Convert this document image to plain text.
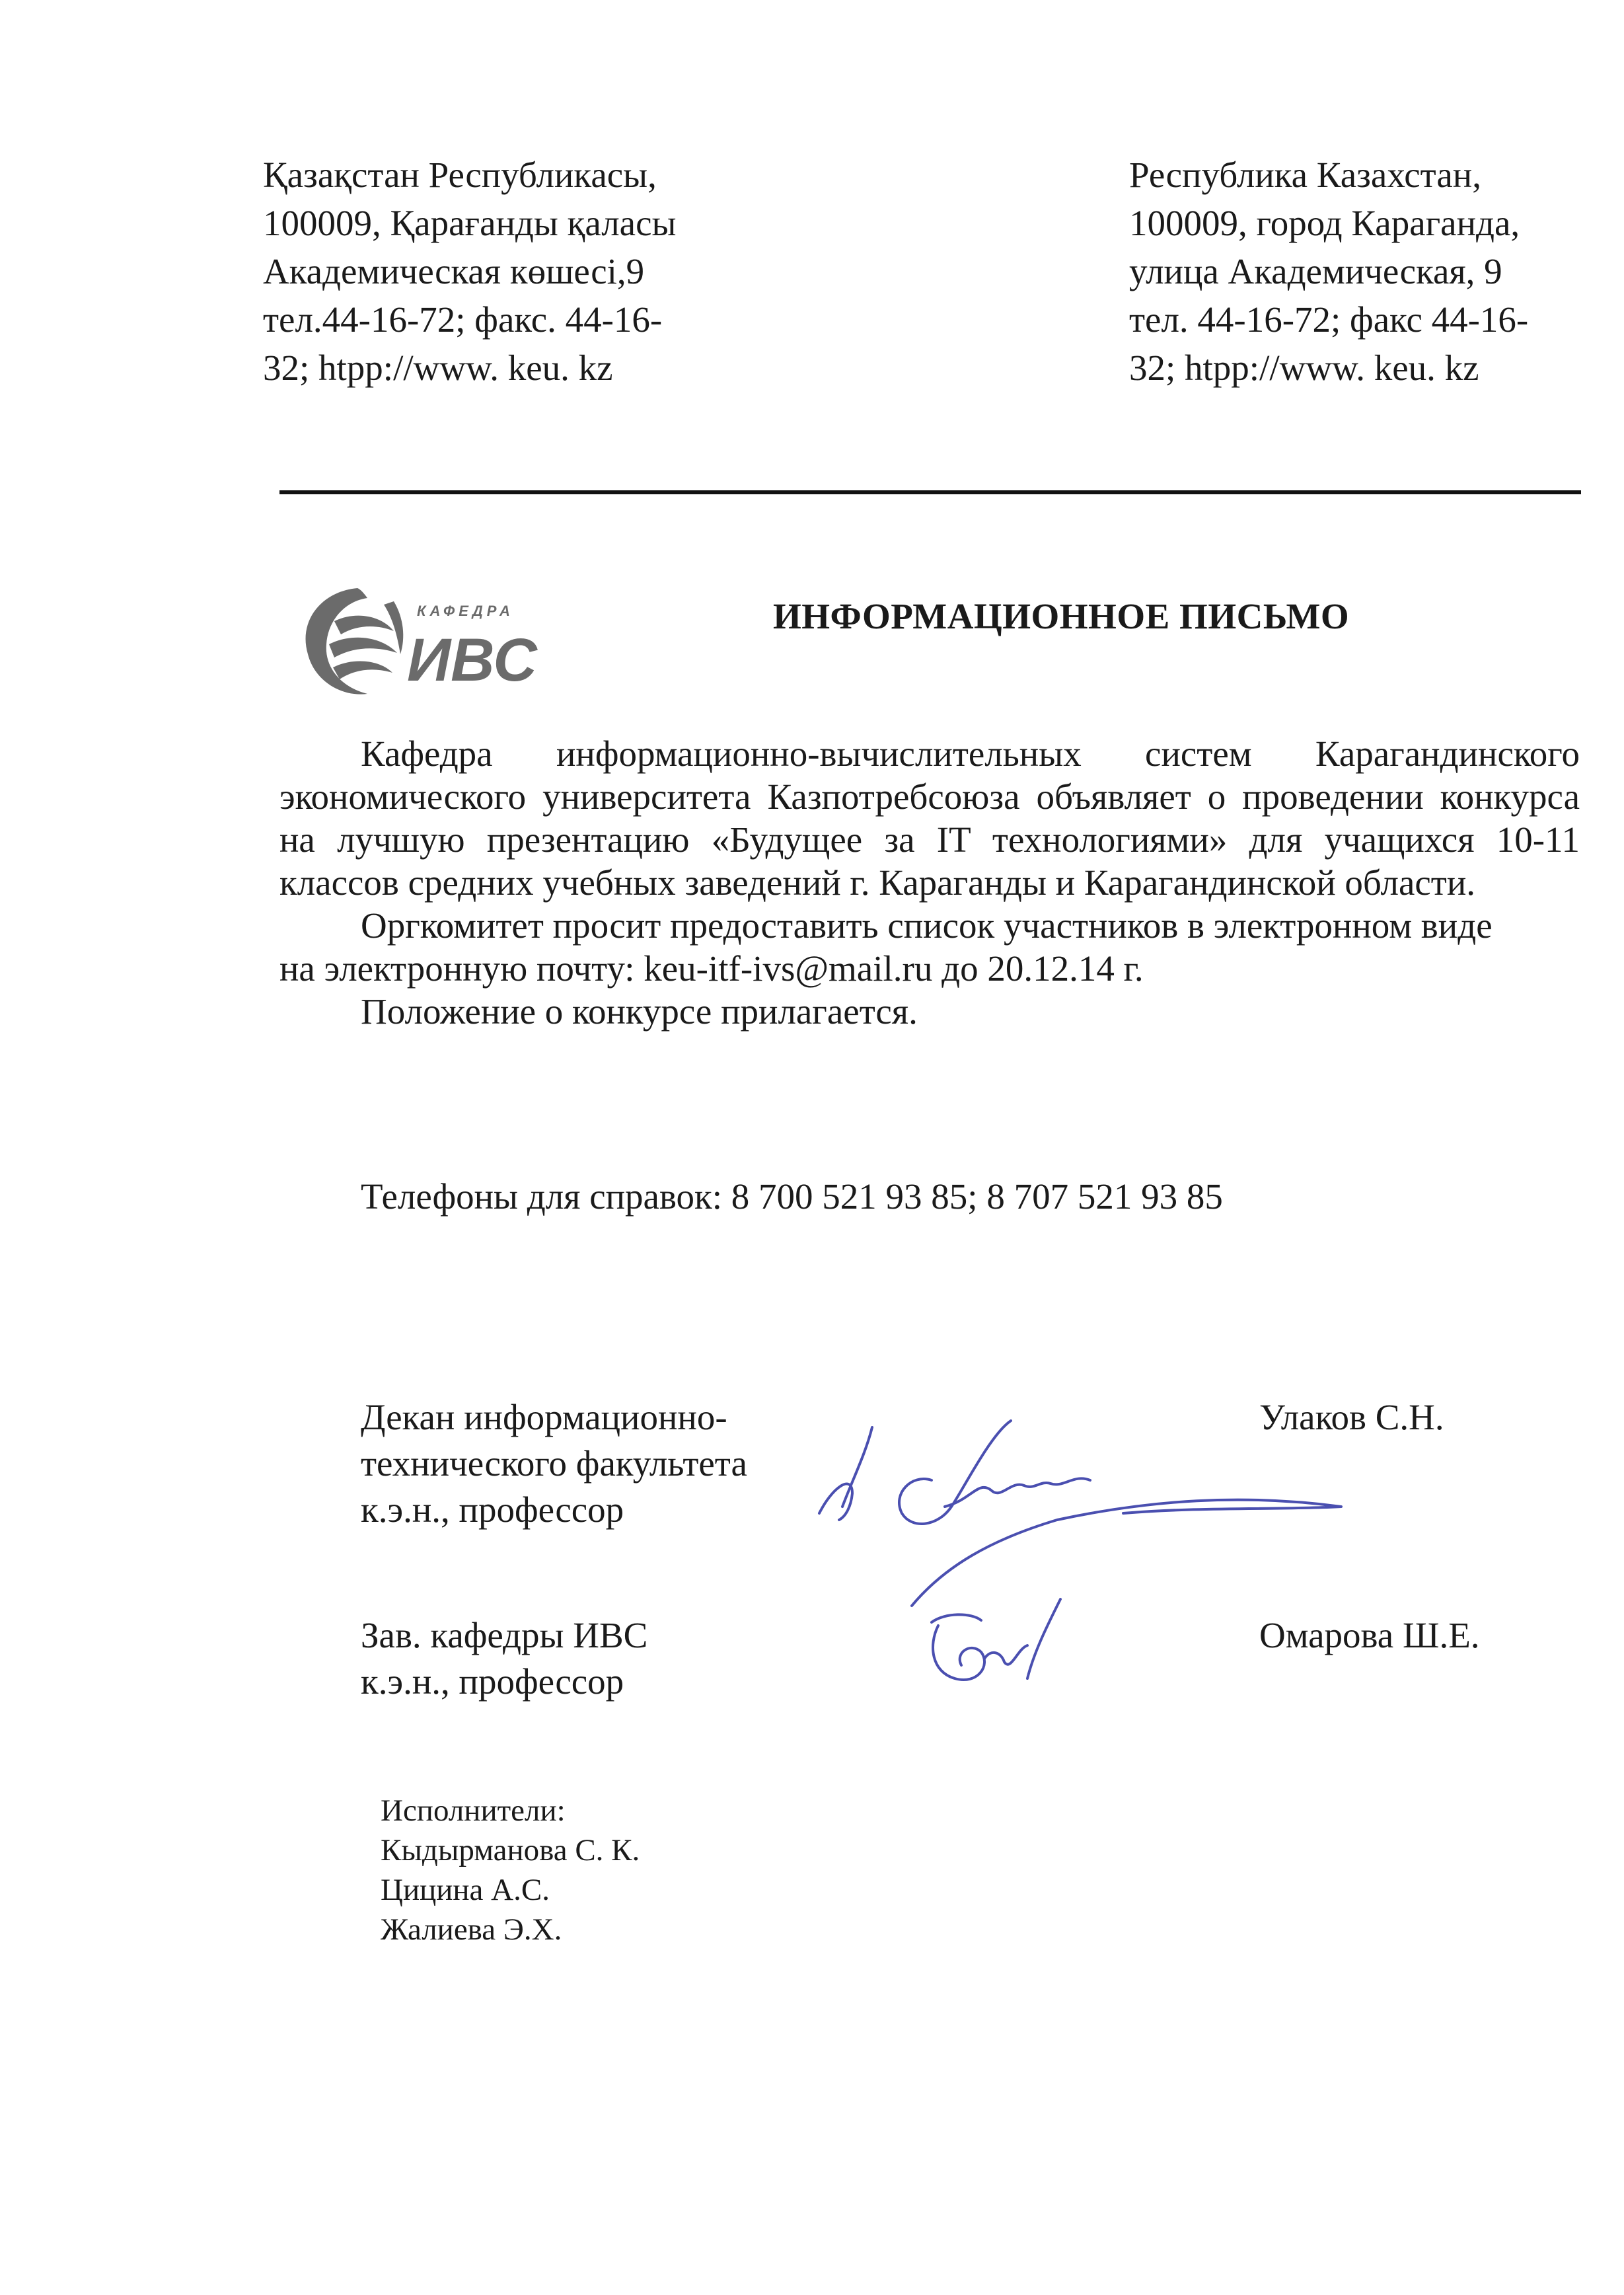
Қазақстан Республикасы,
100009, Қарағанды қаласы
Академическая көшесі,9
тел.44-16-72; факс. 44-16-
32; htpp://www. keu. kz
Республика Казахстан,
100009, город Караганда,
улица Академическая, 9
тел. 44-16-72; факс 44-16-
32; htpp://www. keu. kz
КАФЕДРА
ИВС
ИНФОРМАЦИОННОЕ ПИСЬМО

Кафедра информационно-вычислительных систем Карагандинского экономического университета Казпотребсоюза объявляет о проведении конкурса на лучшую презентацию «Будущее за IT технологиями» для учащихся 10-11 классов средних учебных заведений г. Караганды и Карагандинской области.

Оргкомитет просит предоставить список участников в электронном виде

на электронную почту: keu-itf-ivs@mail.ru до 20.12.14 г.

Положение о конкурсе прилагается.

Телефоны для справок: 8 700 521 93 85; 8 707 521 93 85
Декан информационно-
технического факультета
к.э.н., профессор
Улаков С.Н.
Зав. кафедры ИВС
к.э.н., профессор
Омарова Ш.Е.
Исполнители:
Кыдырманова С. К.
Цицина А.С.
Жалиева Э.Х.
